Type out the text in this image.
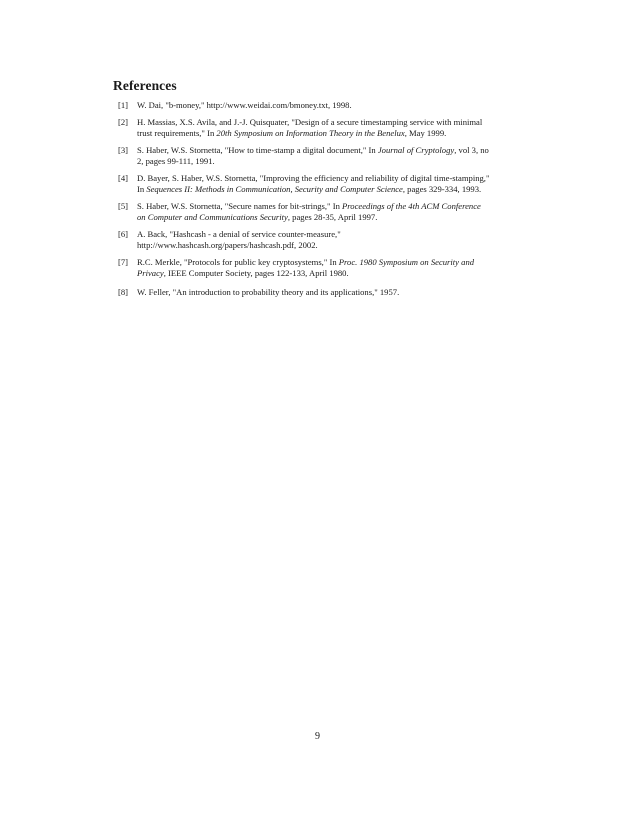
References
[1]	W. Dai, "b-money," http://www.weidai.com/bmoney.txt, 1998.
[2]	H. Massias, X.S. Avila, and J.-J. Quisquater, "Design of a secure timestamping service with minimal
trust requirements," In 20th Symposium on Information Theory in the Benelux, May 1999.
[3]	S. Haber, W.S. Stornetta, "How to time-stamp a digital document," In Journal of Cryptology, vol 3, no
2, pages 99-111, 1991.
[4]	D. Bayer, S. Haber, W.S. Stornetta, "Improving the efficiency and reliability of digital time-stamping,"
In Sequences II: Methods in Communication, Security and Computer Science, pages 329-334, 1993.
[5]	S. Haber, W.S. Stornetta, "Secure names for bit-strings," In Proceedings of the 4th ACM Conference
on Computer and Communications Security, pages 28-35, April 1997.
[6]	A. Back, "Hashcash - a denial of service counter-measure,"
http://www.hashcash.org/papers/hashcash.pdf, 2002.
[7]	R.C. Merkle, "Protocols for public key cryptosystems," In Proc. 1980 Symposium on Security and
Privacy, IEEE Computer Society, pages 122-133, April 1980.
[8]	W. Feller, "An introduction to probability theory and its applications," 1957.
9
